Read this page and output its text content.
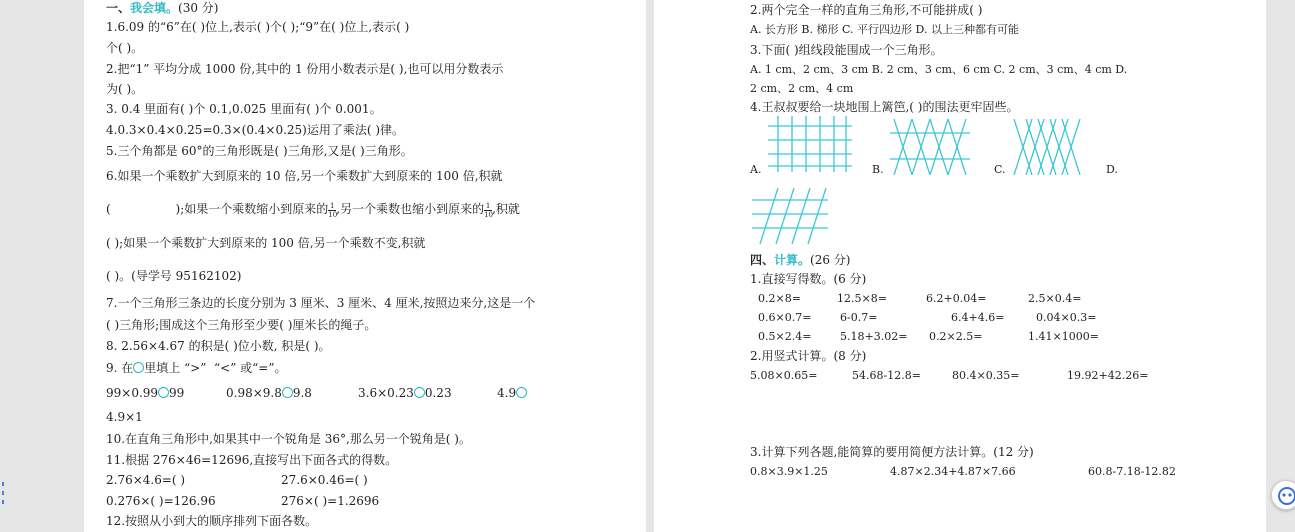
一、我会填。(30 分)
1.6.09 的“6”在( )位上,表示( )个( );“9”在( )位上,表示( )
个( )。
2.把“1” 平均分成 1000 份,其中的 1 份用小数表示是( ),也可以用分数表示
为( )。
3. 0.4 里面有( )个 0.1,0.025 里面有( )个 0.001。
4.0.3×0.4×0.25=0.3×(0.4×0.25)运用了乘法( )律。
5.三个角都是 60°的三角形既是( )三角形,又是( )三角形。
6.如果一个乘数扩大到原来的 10 倍,另一个乘数扩大到原来的 100 倍,积就
(                 );如果一个乘数缩小到原来的 $\frac{1}{10}$ ,另一个乘数也缩小到原来的 $\frac{1}{10}$ ,积就
( );如果一个乘数扩大到原来的 100 倍,另一个乘数不变,积就
( )。(导学号 95162102)
7.一个三角形三条边的长度分别为 3 厘米、3 厘米、4 厘米,按照边来分,这是一个
( )三角形;围成这个三角形至少要( )厘米长的绳子。
8. 2.56×4.67 的积是( )位小数, 积是( )。
9. 在 里填上 “>”  “<” 或“=”。
99×0.99 99	0.98×9.8 9.8	3.6×0.23 0.23	4.9
4.9×1
10.在直角三角形中,如果其中一个锐角是 36°,那么另一个锐角是( )。
11.根据 276×46=12696,直接写出下面各式的得数。
2.76×4.6=( )	27.6×0.46=( )
0.276×( )=126.96	276×( )=1.2696
12.按照从小到大的顺序排列下面各数。
2.两个完全一样的直角三角形,不可能拼成( )
A. 长方形 B. 梯形 C. 平行四边形 D. 以上三种都有可能
3.下面( )组线段能围成一个三角形。
A. 1 cm、2 cm、3 cm B. 2 cm、3 cm、6 cm C. 2 cm、3 cm、4 cm D.
2 cm、2 cm、4 cm
4.王叔叔要给一块地围上篱笆,( )的围法更牢固些。
A.	B.	C.	D.
四、计算。(26 分)
1.直接写得数。(6 分)
0.2×8=	12.5×8=	6.2+0.04=	2.5×0.4=
0.6×0.7=	6-0.7=	6.4+4.6=	0.04×0.3=
0.5×2.4=	5.18+3.02= 0.2×2.5=	1.41×1000=
2.用竖式计算。(8 分)
5.08×0.65=	54.68-12.8=	80.4×0.35=	19.92+42.26=
3.计算下列各题,能简算的要用简便方法计算。(12 分)
0.8×3.9×1.25	4.87×2.34+4.87×7.66	60.8-7.18-12.82
